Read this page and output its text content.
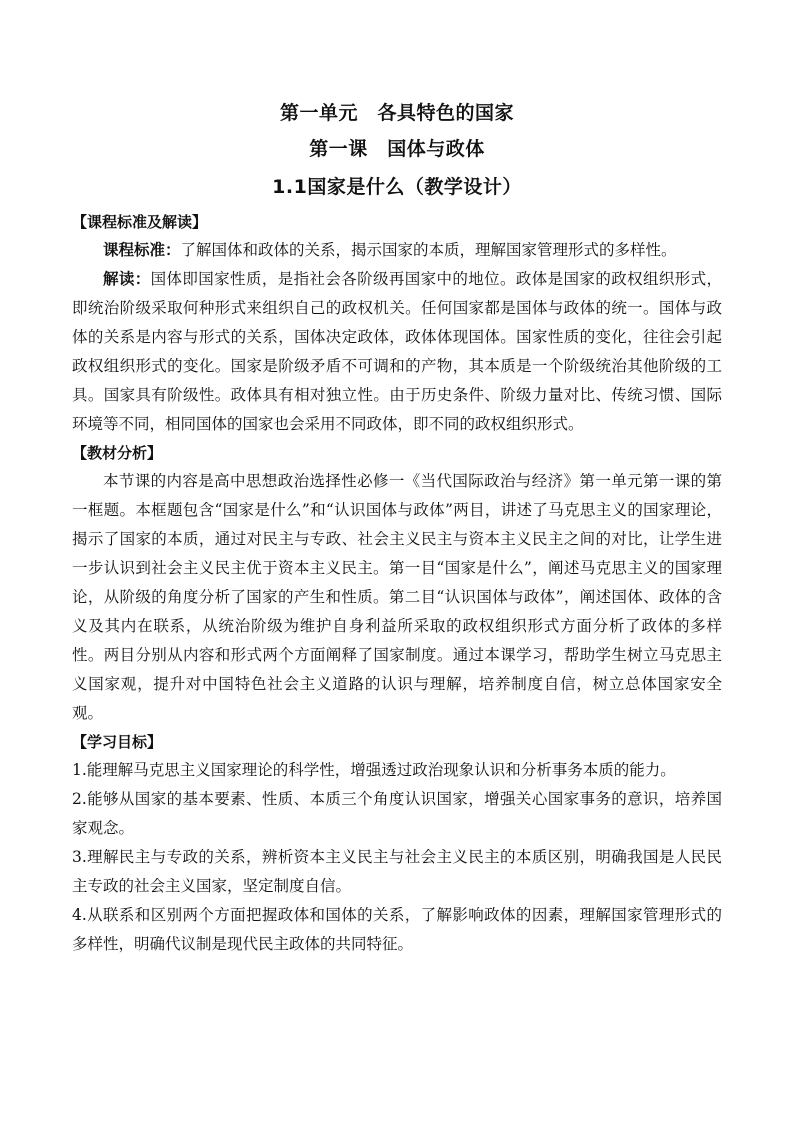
第一单元　各具特色的国家
第一课　国体与政体
1.1国家是什么（教学设计）

【课程标准及解读】

课程标准：了解国体和政体的关系，揭示国家的本质，理解国家管理形式的多样性。

解读：国体即国家性质，是指社会各阶级再国家中的地位。政体是国家的政权组织形式，即统治阶级采取何种形式来组织自己的政权机关。任何国家都是国体与政体的统一。国体与政体的关系是内容与形式的关系，国体决定政体，政体体现国体。国家性质的变化，往往会引起政权组织形式的变化。国家是阶级矛盾不可调和的产物，其本质是一个阶级统治其他阶级的工具。国家具有阶级性。政体具有相对独立性。由于历史条件、阶级力量对比、传统习惯、国际环境等不同，相同国体的国家也会采用不同政体，即不同的政权组织形式。

【教材分析】

本节课的内容是高中思想政治选择性必修一《当代国际政治与经济》第一单元第一课的第一框题。本框题包含“国家是什么”和“认识国体与政体”两目，讲述了马克思主义的国家理论，揭示了国家的本质，通过对民主与专政、社会主义民主与资本主义民主之间的对比，让学生进一步认识到社会主义民主优于资本主义民主。第一目“国家是什么”，阐述马克思主义的国家理论，从阶级的角度分析了国家的产生和性质。第二目“认识国体与政体”，阐述国体、政体的含义及其内在联系，从统治阶级为维护自身利益所采取的政权组织形式方面分析了政体的多样性。两目分别从内容和形式两个方面阐释了国家制度。通过本课学习，帮助学生树立马克思主义国家观，提升对中国特色社会主义道路的认识与理解，培养制度自信，树立总体国家安全观。

【学习目标】

1.能理解马克思主义国家理论的科学性，增强透过政治现象认识和分析事务本质的能力。

2.能够从国家的基本要素、性质、本质三个角度认识国家，增强关心国家事务的意识，培养国家观念。

3.理解民主与专政的关系，辨析资本主义民主与社会主义民主的本质区别，明确我国是人民民主专政的社会主义国家，坚定制度自信。

4.从联系和区别两个方面把握政体和国体的关系，了解影响政体的因素，理解国家管理形式的多样性，明确代议制是现代民主政体的共同特征。
